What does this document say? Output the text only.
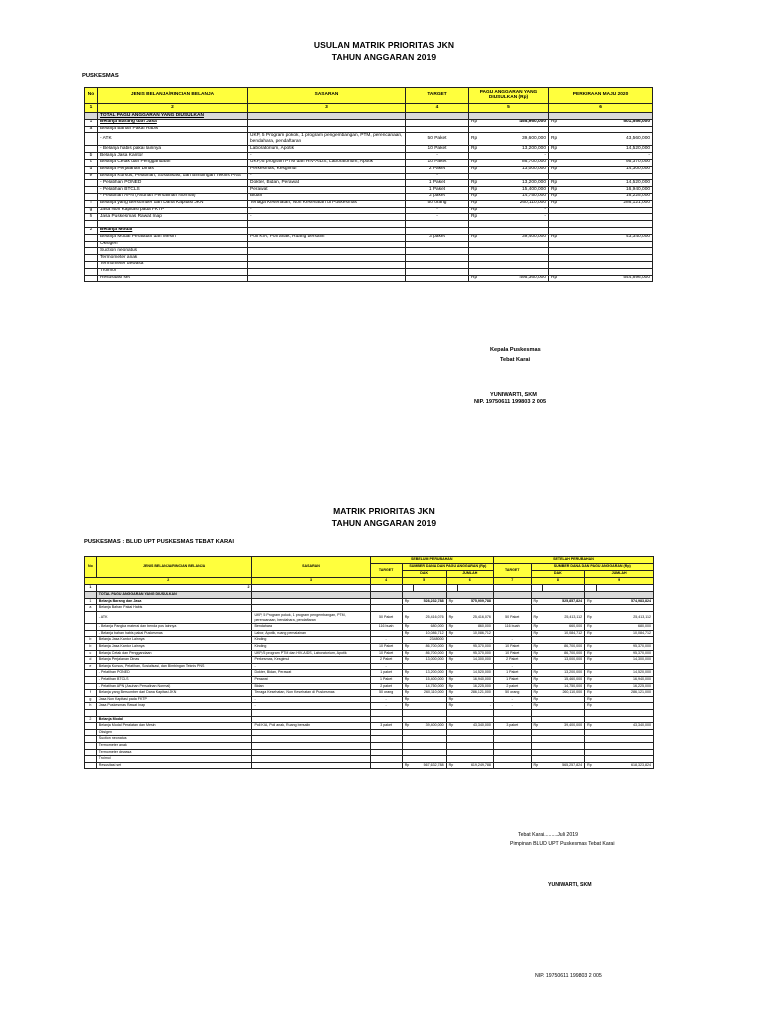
USULAN MATRIK PRIORITAS JKN
TAHUN ANGGARAN 2019
PUSKESMAS
No	JENIS BELANJA/RINCIAN BELANJA	SASARAN	TARGET	PAGU ANGGARAN YANG DIUSULKAN (Rp)		PERKIRAAN MAJU 2020	
1	2	3	4	5		6	
	TOTAL PAGU ANGGARAN YANG DIUSULKAN						
1	Belanja Barang dan Jasa			Rp	455,960,000	Rp	501,556,000
a	Belanja Bahan Pakai Habis						
	- ATK	UKP, 5 Program pokok, 1 program pengembangan, PTM, perencanaan, bendahara, pendaftaran	50 Paket	Rp	39,600,000	Rp	43,560,000
	- Belanja habis pakai lainnya	Laboratorium, Apotik	10 Paket	Rp	13,200,000	Rp	14,520,000
b	Belanja Jasa Kantor	-	-		-		-
c	Belanja Cetak dan Penggandaan	UKP,/5 program PTM dan HIV-AIDS, Laboratorium, Apotik	10 Paket	Rp	86,700,000	Rp	95,370,000
d	Belanja Perjalanan Dinas	Perkesmas, Kesgimul	2 Paket	Rp	13,000,000	Rp	14,300,000
e	Belanja Kursus, Pelatihan, Sosialisasi, dan Bimbingan Teknis PNS	-	-				
	- Pelatihan PONED	Dokter, Bidan, Perawat	1 Paket	Rp	13,200,000	Rp	14,520,000
	- Pelatihan BTCLS	Perawat	1 Paket	Rp	15,400,000	Rp	16,940,000
	- Pelatihan APN (Asuhan Persalinan Normal)	Bidan	2 paket	Rp	14,750,000	Rp	16,225,000
f	Belanja yang Bersumber dari Dana Kapitasi JKN	Tenaga Kesehatan, Non Kesehatan di Puskesmas	50 orang	Rp	260,110,000	Rp	286,121,000
g	Jasa Non Kapitasi pada FKTP	-	-	Rp	-		
h	Jasa Puskesmas Rawat Inap	-	-	Rp	-		

2	Belanja Modal						
	Belanja Modal Peralatan dan Mesin	Poli KIA, Poli anak, Ruang bersalin	3 paket	Rp	39,400,000	Rp	43,340,000
	Oksigen						
	Suction neonatus						
	Termometer anak						
	Termometer dewasa						
	Troimol						
	Resusitasi set			Rp	495,360,000	Rp	544,896,000
Kepala Puskesmas
Tebat Karai
YUNIWARTI, SKM
NIP. 19750611 199803 2 005
MATRIK PRIORITAS JKN
TAHUN ANGGARAN 2019
PUSKESMAS : BLUD UPT PUSKESMAS TEBAT KARAI
No	JENIS BELANJA/RINCIAN BELANJA	SASARAN	SEBELUM PERUBAHAN					SETELAH PERUBAHAN				
			TARGET	SUMBER DANA DAN PAGU ANGGARAN (Rp)				TARGET	SUMBER DANA DAN PAGU ANGGARAN (Rp)			
				DAK		JUMLAH			DAK		JUMLAH	
2		3	4	5		6		7	8		9	
1	2											
	TOTAL PAGU ANGGARAN YANG DIUSULKAN											
1	Belanja Barang dan Jasa			Rp	528,232,788	Rp	575,909,788		Rp	525,857,824	Rp	574,983,824
a	Belanja Bahan Pakai Habis											
	- ATK	UKP, 5 Program pokok, 1 program pengembangan, PTM, perencanaan, bendahara, pendaftaran	50 Paket	Rp	25,416,076	Rp	25,416,076	50 Paket	Rp	25,413,112	Rp	25,413,112
	- Belanja Pangka materai dan benda pos lainnya	Bendahara	116 buah	Rp	680,000	Rp	860,000	116 buah	Rp	660,000	Rp	680,000
	- Belanja bahan habis pakai Puskesmas	Labor, Apotik, ruang pemalainan		Rp	10,086,712	Rp	10,086,712		Rp	10,084,712	Rp	10,084,712
b	Belanja Jasa Kantor Lainnya	Kinding	-		2348000		-	-				
b	Belanja Jasa Kantor Lainnya	Kinding	10 Paket	Rp	86,700,000	Rp	95,370,000	10 Paket	Rp	86,700,000	Rp	95,370,000
c	Belanja Cetak dan Penggandaan	UKP,/5 program PTM dan HIV-AIDS, Laboratorium, Apotik	10 Paket	Rp	86,700,000	Rp	95,370,000	10 Paket	Rp	86,700,000	Rp	95,370,000
d	Belanja Perjalanan Dinas	Perkesmas, Kesgimul	2 Paket	Rp	13,000,000	Rp	14,300,000	2 Paket	Rp	13,000,000	Rp	14,300,000
e	Belanja Kursus, Pelatihan, Sosialisasi, dan Bimbingan Teknis PNS	-	-					-				
	- Pelatihan PONED	Dokter, Bidan, Perawat	1 paket	Rp	13,200,000	Rp	14,520,000	1 Paket	Rp	13,200,000	Rp	14,520,000
	- Pelatihan BTCLS	Perawat	1 Paket	Rp	15,400,000	Rp	16,940,000	1 Paket	Rp	15,460,000	Rp	16,940,000
	- Pelatihan APN (Asuhan Persalinan Normal)	Bidan	2 paket	Rp	14,750,000	Rp	16,225,000	2 paket	Rp	14,750,000	Rp	16,225,000
f	Belanja yang Bersumber dari Dana Kapitasi JKN	Tenaga Kesehatan, Non Kesehatan di Puskesmas	50 orang	Rp	260,110,000	Rp	286,121,000	50 orang	Rp	260,110,000	Rp	286,121,000
g	Jasa Non Kapitasi pada FKTP	-	-	Rp		Rp		-	Rp		Rp	
h	Jasa Puskesmas Rawat Inap	-	-	Rp		Rp	-	-	Rp		Rp	

2	Belanja Modal											
	Belanja Modal Peralatan dan Mesin	Poli KIA, Poli anak, Ruang bersalin	3 paket	Rp	39,400,000	Rp	43,340,000	3 paket	Rp	39,400,000	Rp	43,340,000
	Oksigen											
	Suction neonatus											
	Termometer anak											
	Termometer dewasa											
	Troimol											
	Resusitasi set			Rp	567,632,788	Rp	619,249,788		Rp	565,257,824	Rp	618,323,824
Tebat Karai.........Juli 2019
Pimpinan BLUD UPT Puskesmas Tebat Karai
YUNIWARTI, SKM
NIP. 19750611 199803 2 005
